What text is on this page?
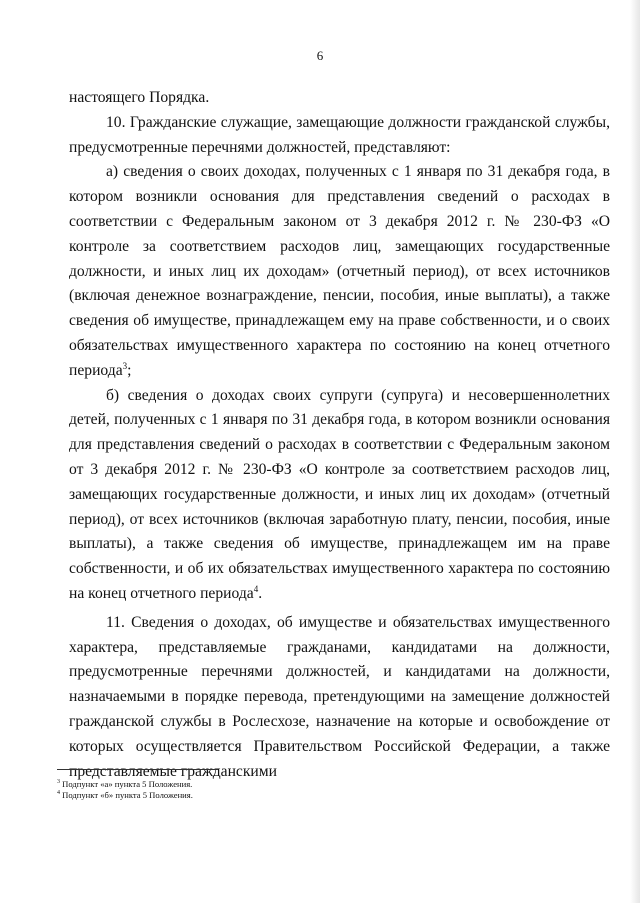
6

настоящего Порядка.

10. Гражданские служащие, замещающие должности гражданской службы, предусмотренные перечнями должностей, представляют:

а) сведения о своих доходах, полученных с 1 января по 31 декабря года, в котором возникли основания для представления сведений о расходах в соответствии с Федеральным законом от 3 декабря 2012 г. № 230-ФЗ «О контроле за соответствием расходов лиц, замещающих государственные должности, и иных лиц их доходам» (отчетный период), от всех источников (включая денежное вознаграждение, пенсии, пособия, иные выплаты), а также сведения об имуществе, принадлежащем ему на праве собственности, и о своих обязательствах имущественного характера по состоянию на конец отчетного периода$^3$;

б) сведения о доходах своих супруги (супруга) и несовершеннолетних детей, полученных с 1 января по 31 декабря года, в котором возникли основания для представления сведений о расходах в соответствии с Федеральным законом от 3 декабря 2012 г. № 230-ФЗ «О контроле за соответствием расходов лиц, замещающих государственные должности, и иных лиц их доходам» (отчетный период), от всех источников (включая заработную плату, пенсии, пособия, иные выплаты), а также сведения об имуществе, принадлежащем им на праве собственности, и об их обязательствах имущественного характера по состоянию на конец отчетного периода$^4$.

11. Сведения о доходах, об имуществе и обязательствах имущественного характера, представляемые гражданами, кандидатами на должности, предусмотренные перечнями должностей, и кандидатами на должности, назначаемыми в порядке перевода, претендующими на замещение должностей гражданской службы в Рослесхозе, назначение на которые и освобождение от которых осуществляется Правительством Российской Федерации, а также представляемые гражданскими

$^3$ Подпункт «а» пункта 5 Положения.

$^4$ Подпункт «б» пункта 5 Положения.
